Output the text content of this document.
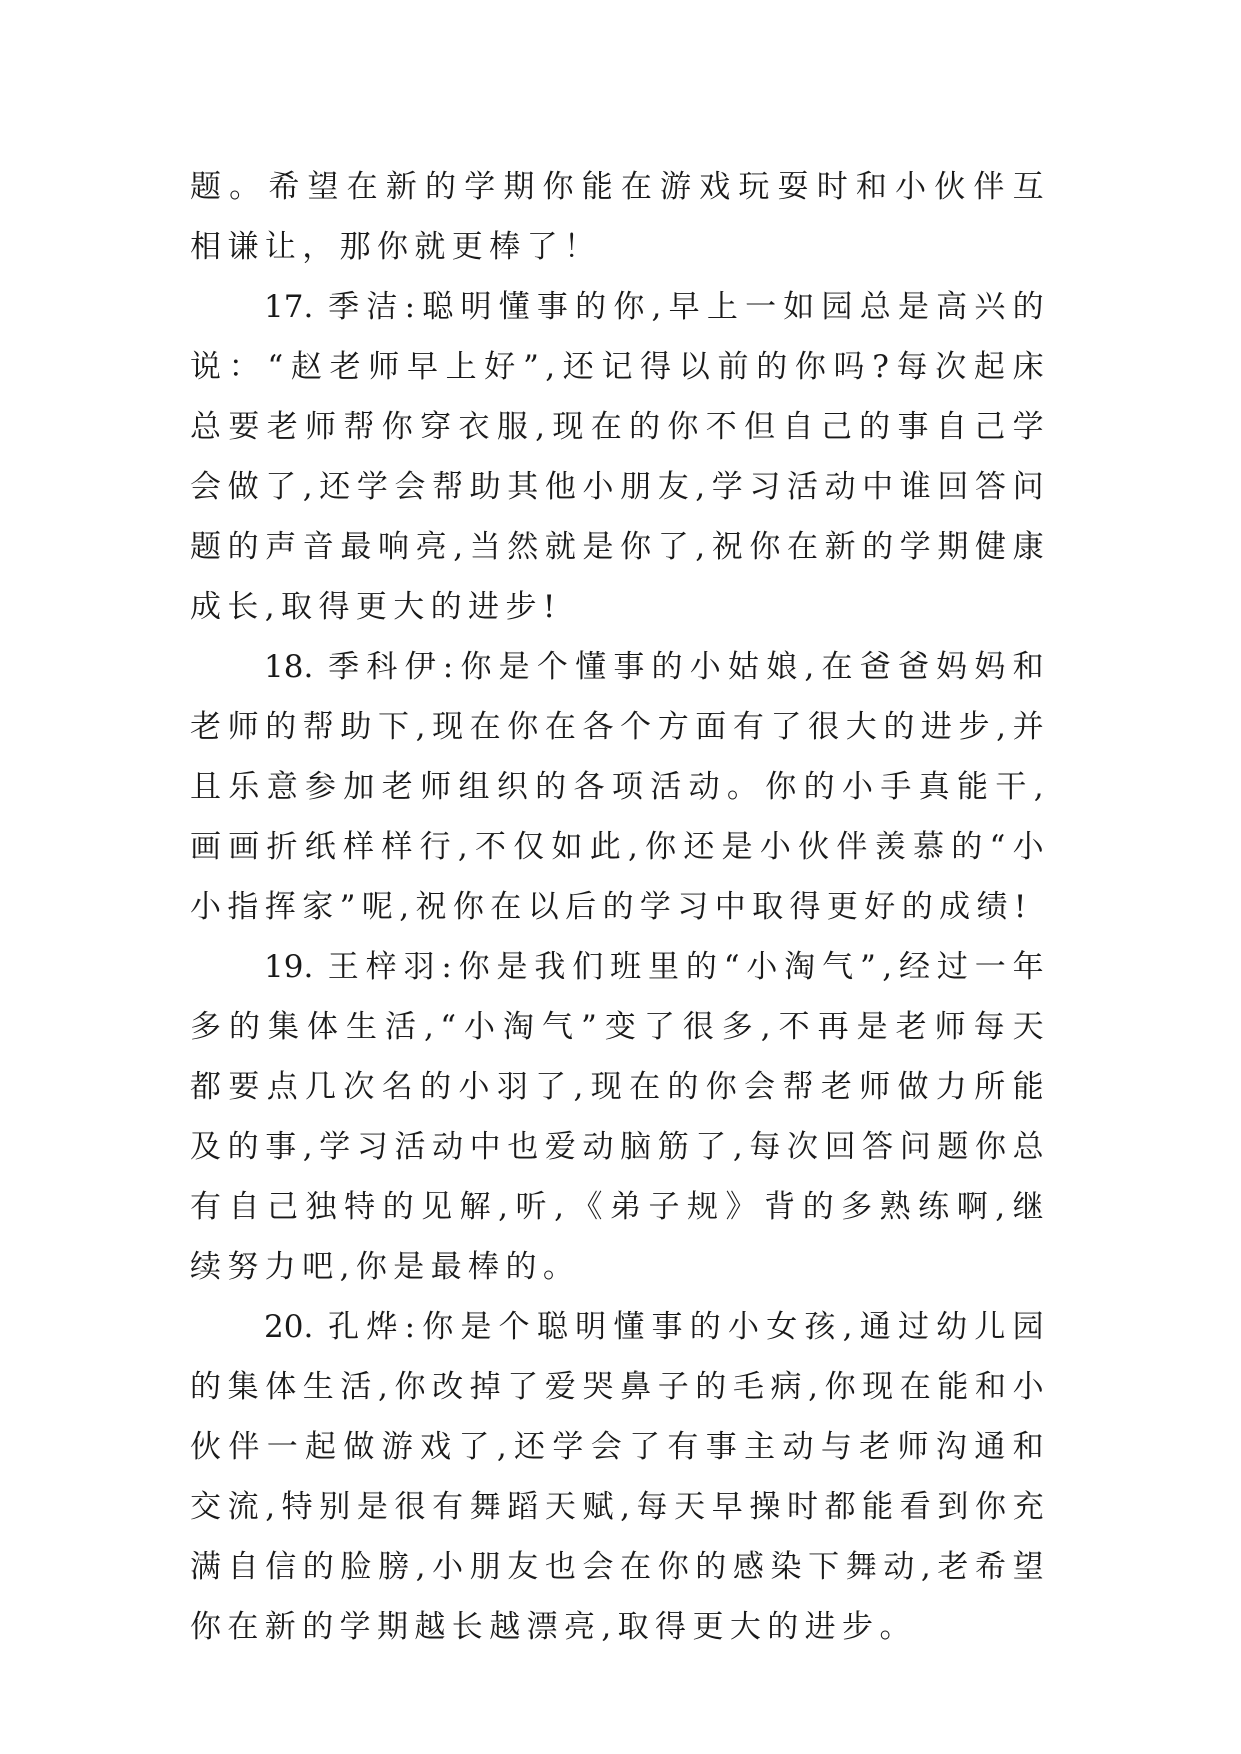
题。希望在新的学期你能在游戏玩耍时和小伙伴互相谦让，那你就更棒了！

17. 季洁:聪明懂事的你,早上一如园总是高兴的说：“赵老师早上好”,还记得以前的你吗?每次起床总要老师帮你穿衣服,现在的你不但自己的事自己学会做了,还学会帮助其他小朋友,学习活动中谁回答问题的声音最响亮,当然就是你了,祝你在新的学期健康成长,取得更大的进步!

18. 季科伊:你是个懂事的小姑娘,在爸爸妈妈和老师的帮助下,现在你在各个方面有了很大的进步,并且乐意参加老师组织的各项活动。你的小手真能干,画画折纸样样行,不仅如此,你还是小伙伴羡慕的“小小指挥家”呢,祝你在以后的学习中取得更好的成绩!

19. 王梓羽:你是我们班里的“小淘气”,经过一年多的集体生活,“小淘气”变了很多,不再是老师每天都要点几次名的小羽了,现在的你会帮老师做力所能及的事,学习活动中也爱动脑筋了,每次回答问题你总有自己独特的见解,听,《弟子规》背的多熟练啊,继续努力吧,你是最棒的。

20. 孔烨:你是个聪明懂事的小女孩,通过幼儿园的集体生活,你改掉了爱哭鼻子的毛病,你现在能和小伙伴一起做游戏了,还学会了有事主动与老师沟通和交流,特别是很有舞蹈天赋,每天早操时都能看到你充满自信的脸膀,小朋友也会在你的感染下舞动,老希望你在新的学期越长越漂亮,取得更大的进步。
